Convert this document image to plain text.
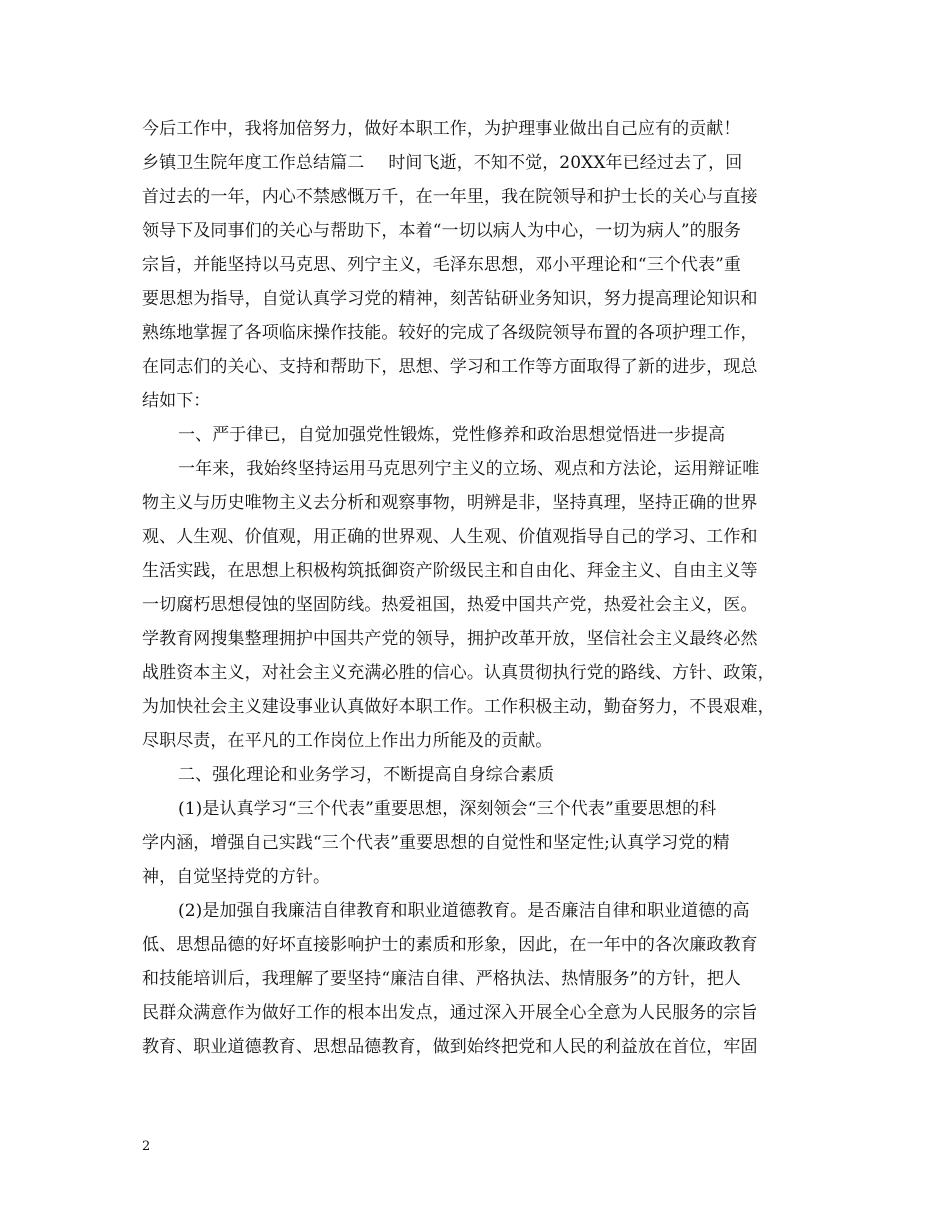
今后工作中，我将加倍努力，做好本职工作，为护理事业做出自己应有的贡献！
乡镇卫生院年度工作总结篇二 时间飞逝，不知不觉，20XX年已经过去了，回
首过去的一年，内心不禁感慨万千，在一年里，我在院领导和护士长的关心与直接
领导下及同事们的关心与帮助下，本着“一切以病人为中心，一切为病人”的服务
宗旨，并能坚持以马克思、列宁主义，毛泽东思想，邓小平理论和“三个代表”重
要思想为指导，自觉认真学习党的精神，刻苦钻研业务知识，努力提高理论知识和
熟练地掌握了各项临床操作技能。较好的完成了各级院领导布置的各项护理工作，
在同志们的关心、支持和帮助下，思想、学习和工作等方面取得了新的进步，现总
结如下：
一、严于律已，自觉加强党性锻炼，党性修养和政治思想觉悟进一步提高
一年来，我始终坚持运用马克思列宁主义的立场、观点和方法论，运用辩证唯
物主义与历史唯物主义去分析和观察事物，明辨是非，坚持真理，坚持正确的世界
观、人生观、价值观，用正确的世界观、人生观、价值观指导自己的学习、工作和
生活实践，在思想上积极构筑抵御资产阶级民主和自由化、拜金主义、自由主义等
一切腐朽思想侵蚀的坚固防线。热爱祖国，热爱中国共产党，热爱社会主义，医。
学教育网搜集整理拥护中国共产党的领导，拥护改革开放，坚信社会主义最终必然
战胜资本主义，对社会主义充满必胜的信心。认真贯彻执行党的路线、方针、政策，
为加快社会主义建设事业认真做好本职工作。工作积极主动，勤奋努力，不畏艰难，
尽职尽责，在平凡的工作岗位上作出力所能及的贡献。
二、强化理论和业务学习，不断提高自身综合素质
(1)是认真学习“三个代表”重要思想，深刻领会“三个代表”重要思想的科
学内涵，增强自己实践“三个代表”重要思想的自觉性和坚定性;认真学习党的精
神，自觉坚持党的方针。
(2)是加强自我廉洁自律教育和职业道德教育。是否廉洁自律和职业道德的高
低、思想品德的好坏直接影响护士的素质和形象，因此，在一年中的各次廉政教育
和技能培训后，我理解了要坚持“廉洁自律、严格执法、热情服务”的方针，把人
民群众满意作为做好工作的根本出发点，通过深入开展全心全意为人民服务的宗旨
教育、职业道德教育、思想品德教育，做到始终把党和人民的利益放在首位，牢固
2
